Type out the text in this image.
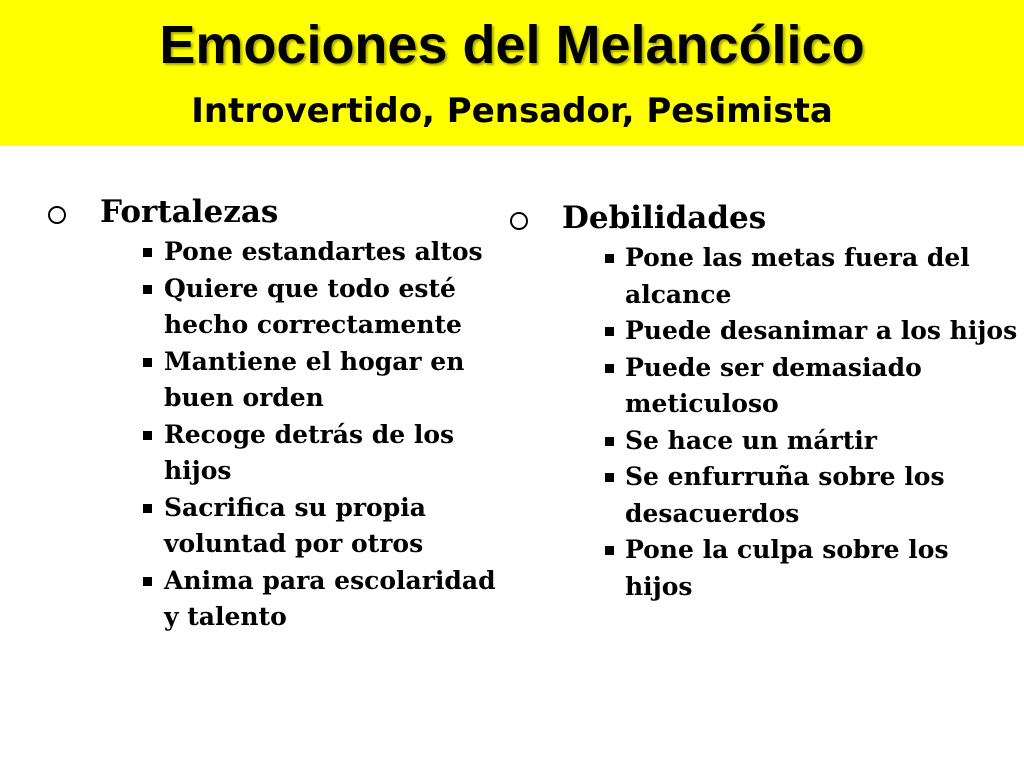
Emociones del Melancólico
Introvertido, Pensador, Pesimista
Fortalezas
Pone estandartes altos
Quiere que todo esté hecho correctamente
Mantiene el hogar en buen orden
Recoge detrás de los hijos
Sacrifica su propia voluntad por otros
Anima para escolaridad y talento
Debilidades
Pone las metas fuera del alcance
Puede desanimar a los hijos
Puede ser demasiado meticuloso
Se hace un mártir
Se enfurruña sobre los desacuerdos
Pone la culpa sobre los hijos
